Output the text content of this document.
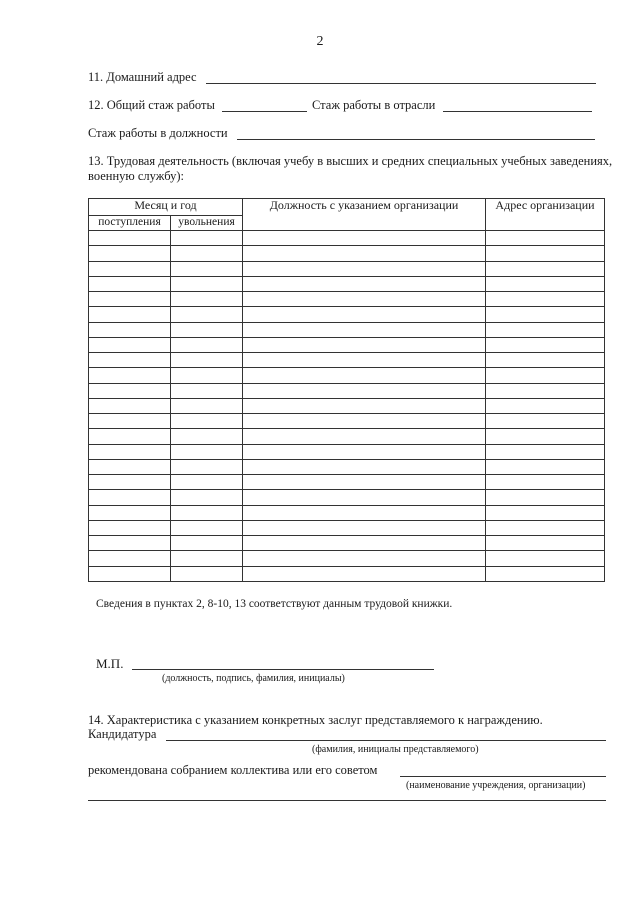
2
11. Домашний адрес
12. Общий стаж работы	Стаж работы в отрасли
Стаж работы в должности
13. Трудовая деятельность (включая учебу в высших и средних специальных учебных заведениях,
военную службу):
Месяц и год		Должность с указанием организации	Адрес организации
поступления	увольнения		

Сведения в пунктах 2, 8-10, 13 соответствуют данным трудовой книжки.
М.П.
(должность, подпись, фамилия, инициалы)
14. Характеристика с указанием конкретных заслуг представляемого к награждению.
Кандидатура
(фамилия, инициалы представляемого)
рекомендована собранием коллектива или его советом
(наименование учреждения, организации)
